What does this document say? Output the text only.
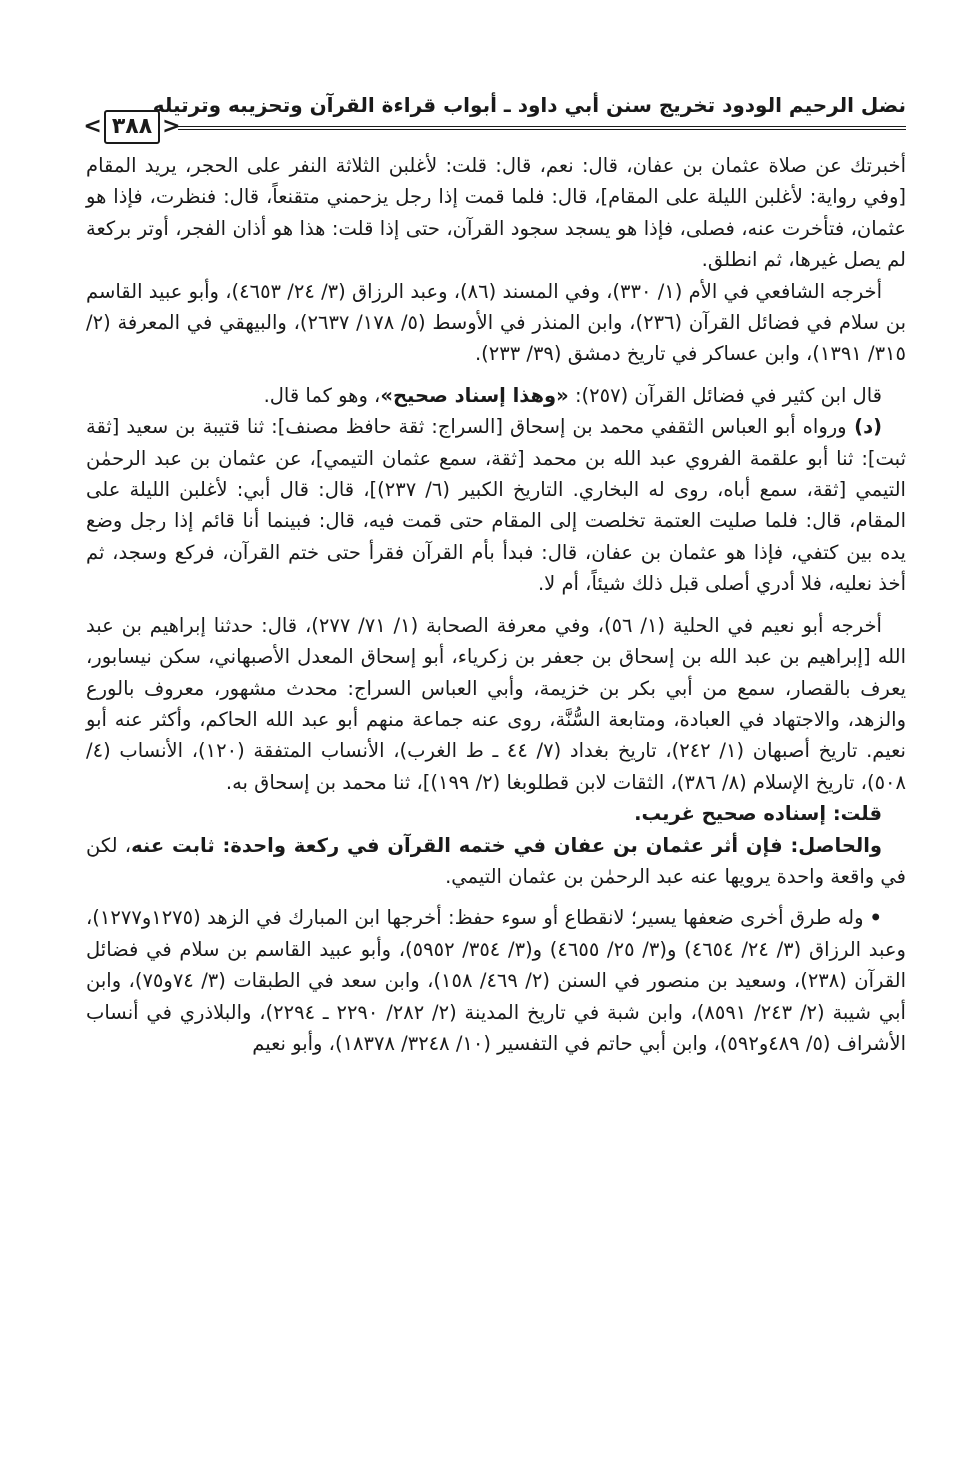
نضل الرحيم الودود تخريج سنن أبي داود ـ أبواب قراءة القرآن وتحزيبه وترتيله
< ٣٨٨ >

أخبرتك عن صلاة عثمان بن عفان، قال: نعم، قال: قلت: لأغلبن الثلاثة النفر على الحجر، يريد المقام [وفي رواية: لأغلبن الليلة على المقام]، قال: فلما قمت إذا رجل يزحمني متقنعاً، قال: فنظرت، فإذا هو عثمان، فتأخرت عنه، فصلى، فإذا هو يسجد سجود القرآن، حتى إذا قلت: هذا هو أذان الفجر، أوتر بركعة لم يصل غيرها، ثم انطلق.

أخرجه الشافعي في الأم (١/ ٣٣٠)، وفي المسند (٨٦)، وعبد الرزاق (٣/ ٢٤/ ٤٦٥٣)، وأبو عبيد القاسم بن سلام في فضائل القرآن (٢٣٦)، وابن المنذر في الأوسط (٥/ ١٧٨/ ٢٦٣٧)، والبيهقي في المعرفة (٢/ ٣١٥/ ١٣٩١)، وابن عساكر في تاريخ دمشق (٣٩/ ٢٣٣).

قال ابن كثير في فضائل القرآن (٢٥٧): «وهذا إسناد صحيح»، وهو كما قال.

(د) ورواه أبو العباس الثقفي محمد بن إسحاق [السراج: ثقة حافظ مصنف]: ثنا قتيبة بن سعيد [ثقة ثبت]: ثنا أبو علقمة الفروي عبد الله بن محمد [ثقة، سمع عثمان التيمي]، عن عثمان بن عبد الرحمٰن التيمي [ثقة، سمع أباه، روى له البخاري. التاريخ الكبير (٦/ ٢٣٧)]، قال: قال أبي: لأغلبن الليلة على المقام، قال: فلما صليت العتمة تخلصت إلى المقام حتى قمت فيه، قال: فبينما أنا قائم إذا رجل وضع يده بين كتفي، فإذا هو عثمان بن عفان، قال: فبدأ بأم القرآن فقرأ حتى ختم القرآن، فركع وسجد، ثم أخذ نعليه، فلا أدري أصلى قبل ذلك شيئاً، أم لا.

أخرجه أبو نعيم في الحلية (١/ ٥٦)، وفي معرفة الصحابة (١/ ٧١/ ٢٧٧)، قال: حدثنا إبراهيم بن عبد الله [إبراهيم بن عبد الله بن إسحاق بن جعفر بن زكرياء، أبو إسحاق المعدل الأصبهاني، سكن نيسابور، يعرف بالقصار، سمع من أبي بكر بن خزيمة، وأبي العباس السراج: محدث مشهور، معروف بالورع والزهد، والاجتهاد في العبادة، ومتابعة السُّنَّة، روى عنه جماعة منهم أبو عبد الله الحاكم، وأكثر عنه أبو نعيم. تاريخ أصبهان (١/ ٢٤٢)، تاريخ بغداد (٧/ ٤٤ ـ ط الغرب)، الأنساب المتفقة (١٢٠)، الأنساب (٤/ ٥٠٨)، تاريخ الإسلام (٨/ ٣٨٦)، الثقات لابن قطلوبغا (٢/ ١٩٩)]، ثنا محمد بن إسحاق به.

قلت: إسناده صحيح غريب.

والحاصل: فإن أثر عثمان بن عفان في ختمه القرآن في ركعة واحدة: ثابت عنه، لكن في واقعة واحدة يرويها عنه عبد الرحمٰن بن عثمان التيمي.

•وله طرق أخرى ضعفها يسير؛ لانقطاع أو سوء حفظ: أخرجها ابن المبارك في الزهد (١٢٧٥و١٢٧٧)، وعبد الرزاق (٣/ ٢٤/ ٤٦٥٤) و(٣/ ٢٥/ ٤٦٥٥) و(٣/ ٣٥٤/ ٥٩٥٢)، وأبو عبيد القاسم بن سلام في فضائل القرآن (٢٣٨)، وسعيد بن منصور في السنن (٢/ ٤٦٩/ ١٥٨)، وابن سعد في الطبقات (٣/ ٧٤و٧٥)، وابن أبي شيبة (٢/ ٢٤٣/ ٨٥٩١)، وابن شبة في تاريخ المدينة (٢/ ٢٨٢/ ٢٢٩٠ ـ ٢٢٩٤)، والبلاذري في أنساب الأشراف (٥/ ٤٨٩و٥٩٢)، وابن أبي حاتم في التفسير (١٠/ ٣٢٤٨/ ١٨٣٧٨)، وأبو نعيم
